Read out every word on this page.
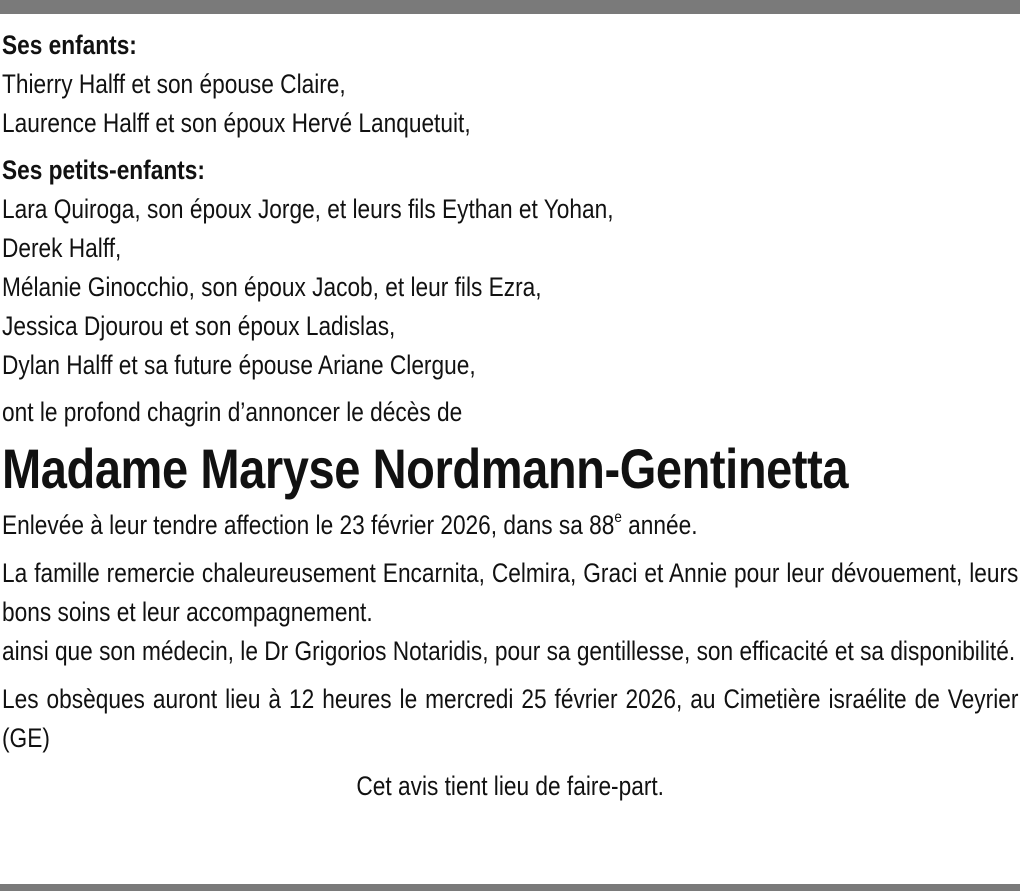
Ses enfants:

Thierry Halff et son épouse Claire,

Laurence Halff et son époux Hervé Lanquetuit,

Ses petits-enfants:

Lara Quiroga, son époux Jorge, et leurs fils Eythan et Yohan,

Derek Halff,

Mélanie Ginocchio, son époux Jacob, et leur fils Ezra,

Jessica Djourou et son époux Ladislas,

Dylan Halff et sa future épouse Ariane Clergue,

ont le profond chagrin d’annoncer le décès de

Madame Maryse Nordmann-Gentinetta

Enlevée à leur tendre affection le 23 février 2026, dans sa 88e année.

La famille remercie chaleureusement Encarnita, Celmira, Graci et Annie pour leur dévouement, leurs bons soins et leur accompagnement.

ainsi que son médecin, le Dr Grigorios Notaridis, pour sa gentillesse, son efficacité et sa disponibilité.

Les obsèques auront lieu à 12 heures le mercredi 25 février 2026, au Cimetière israélite de Veyrier (GE)

Cet avis tient lieu de faire-part.
